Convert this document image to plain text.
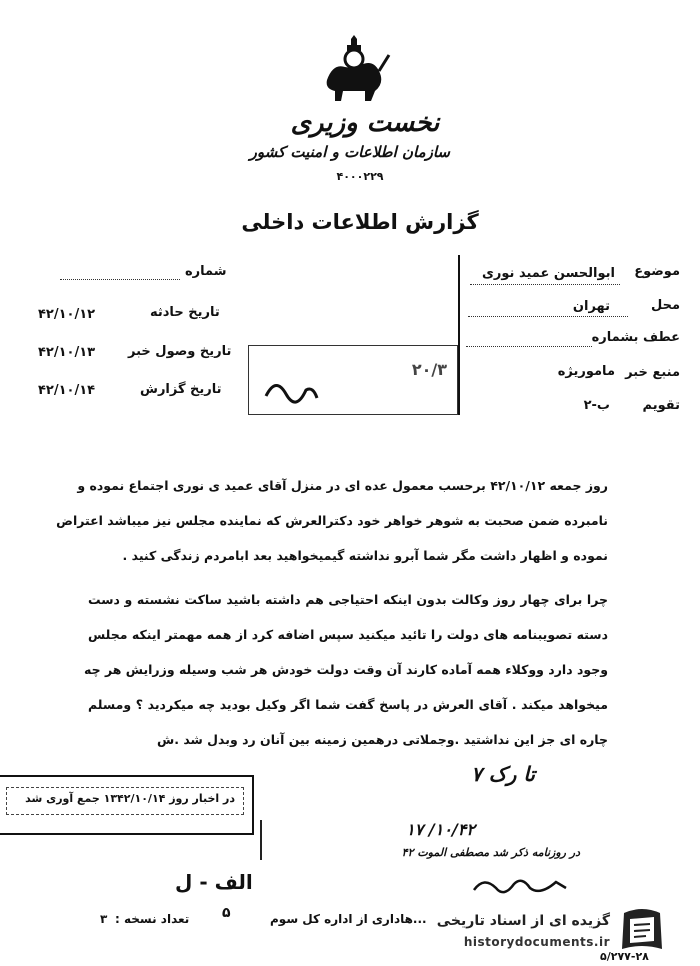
نخست وزیری
سازمان اطلاعات و امنیت کشور
۴۰۰۰۲۲۹
گزارش اطلاعات داخلی
موضوع
ابوالحسن عمید نوری
محل
تهران
عطف بشماره
منبع خبر
ماموریژه
تقویم
ب-۲
شماره
تاریخ حادثه
۴۲/۱۰/۱۲
تاریخ وصول خبر
۴۲/۱۰/۱۳
تاریخ گزارش
۴۲/۱۰/۱۴
۲۰/۳
روز جمعه ۴۲/۱۰/۱۲ برحسب معمول عده ای در منزل آقای عمید ی نوری اجتماع نموده و
نامبرده ضمن صحبت به شوهر خواهر خود دکترالعرش که نماینده مجلس نیز میباشد اعتراض
نموده و اظهار داشت مگر شما آبرو نداشته گیمیخواهید بعد ابامردم زندگی کنید .
چرا براى چهار روز وکالت بدون اینکه احتیاجی هم داشته باشید ساکت نشسته و دست
دسته تصویبنامه های دولت را تائید میکنید سپس اضافه کرد از همه مهمتر اینکه مجلس
وجود دارد ووکلاء همه آماده کارند آن وقت دولت خودش هر شب وسیله وزرایش هر چه
میخواهد میکند . آقای العرش در پاسخ گفت شما اگر وکیل بودید چه میکردید ؟ ومسلم
چاره ای جز این نداشتید .وجملاتی درهمین زمینه بین آنان رد وبدل شد .ش
تا رک ۷
در اخبار روز ۱۳۴۲/۱۰/۱۴ جمع آوری شد
۱۷ /۱۰/۴۲
در روزنامه ذکر شد مصطفی الموت ۴۲
الف - ل
تعداد نسخه :
۳	۵	...هاداری از اداره کل سوم
۵/۲۷۷-۲۸
گزیده ای از اسناد تاریخی
historydocuments.ir
